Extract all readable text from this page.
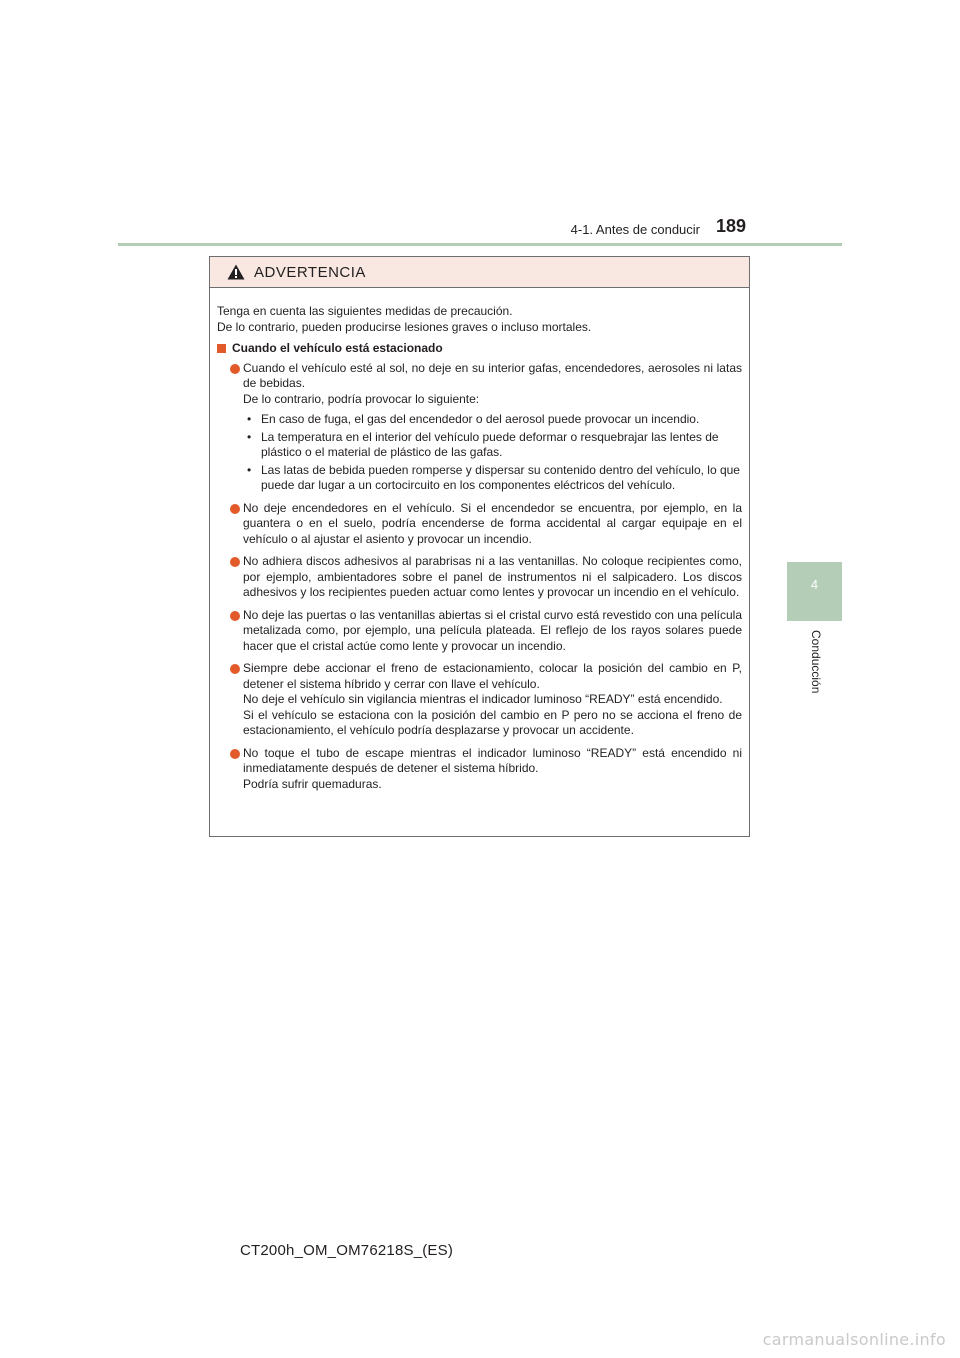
4-1. Antes de conducir 189
4
Conducción
ADVERTENCIA

Tenga en cuenta las siguientes medidas de precaución.

De lo contrario, pueden producirse lesiones graves o incluso mortales.

Cuando el vehículo está estacionado

Cuando el vehículo esté al sol, no deje en su interior gafas, encendedores, aerosoles ni latas de bebidas.

De lo contrario, podría provocar lo siguiente:

• En caso de fuga, el gas del encendedor o del aerosol puede provocar un incendio.
• La temperatura en el interior del vehículo puede deformar o resquebrajar las lentes de plástico o el material de plástico de las gafas.
• Las latas de bebida pueden romperse y dispersar su contenido dentro del vehículo, lo que puede dar lugar a un cortocircuito en los componentes eléctricos del vehículo.

No deje encendedores en el vehículo. Si el encendedor se encuentra, por ejemplo, en la guantera o en el suelo, podría encenderse de forma accidental al cargar equipaje en el vehículo o al ajustar el asiento y provocar un incendio.

No adhiera discos adhesivos al parabrisas ni a las ventanillas. No coloque recipientes como, por ejemplo, ambientadores sobre el panel de instrumentos ni el salpicadero. Los discos adhesivos y los recipientes pueden actuar como lentes y provocar un incendio en el vehículo.

No deje las puertas o las ventanillas abiertas si el cristal curvo está revestido con una película metalizada como, por ejemplo, una película plateada. El reflejo de los rayos solares puede hacer que el cristal actúe como lente y provocar un incendio.

Siempre debe accionar el freno de estacionamiento, colocar la posición del cambio en P, detener el sistema híbrido y cerrar con llave el vehículo.

No deje el vehículo sin vigilancia mientras el indicador luminoso “READY” está encendido.

Si el vehículo se estaciona con la posición del cambio en P pero no se acciona el freno de estacionamiento, el vehículo podría desplazarse y provocar un accidente.

No toque el tubo de escape mientras el indicador luminoso “READY” está encendido ni inmediatamente después de detener el sistema híbrido.

Podría sufrir quemaduras.

CT200h_OM_OM76218S_(ES)
carmanualsonline.info
